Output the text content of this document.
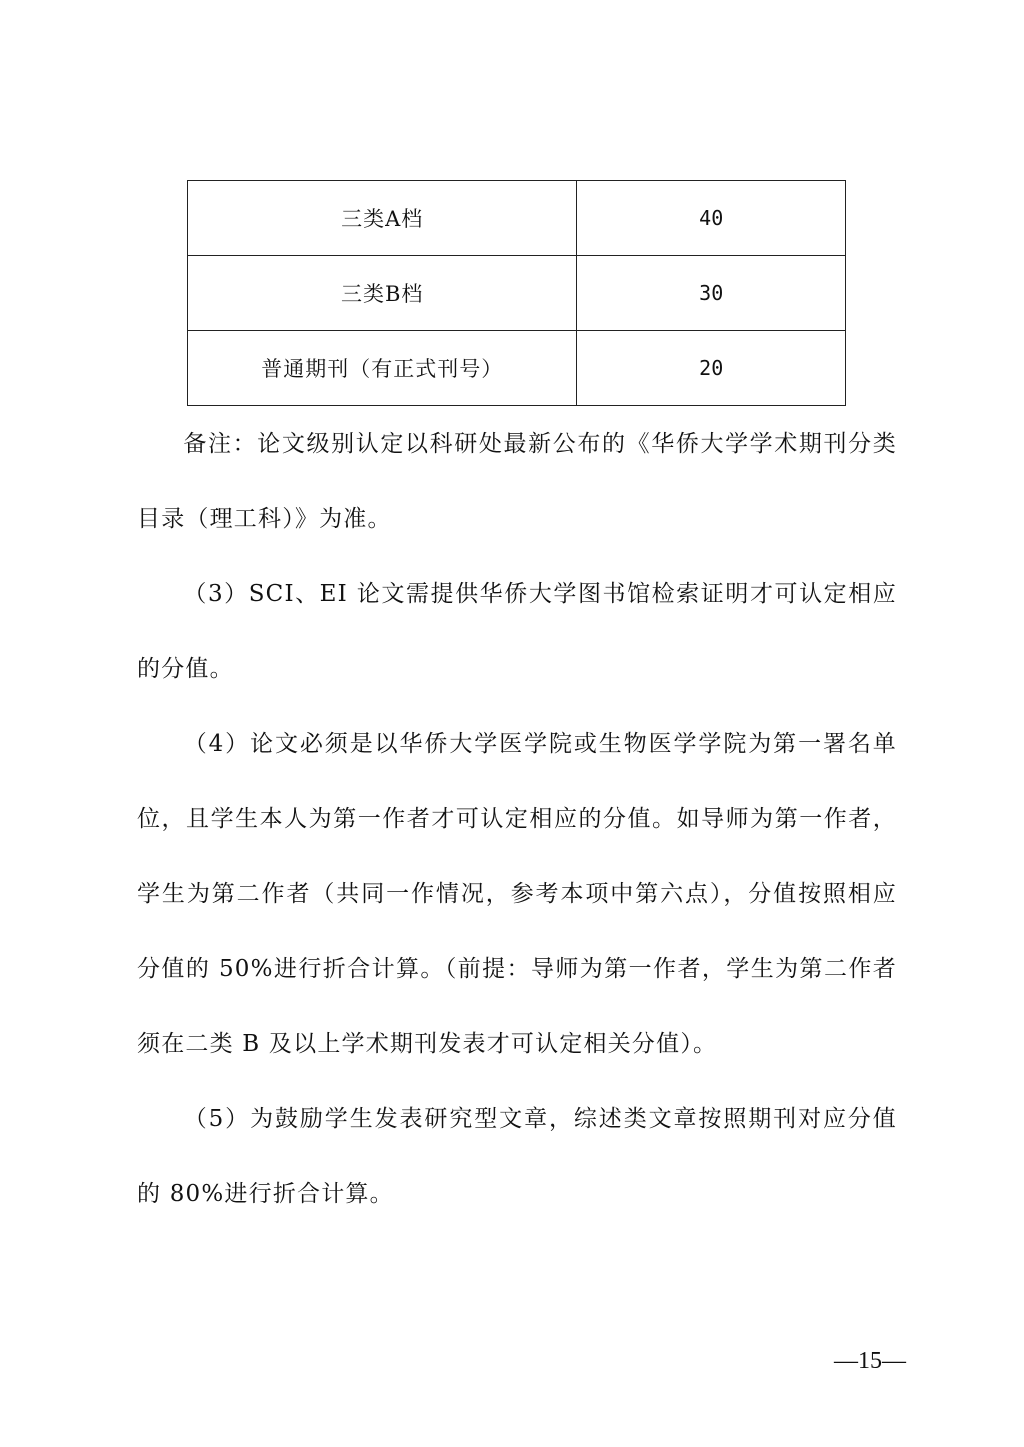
三类A档	40
三类B档	30
普通期刊（有正式刊号）	20

备注：论文级别认定以科研处最新公布的《华侨大学学术期刊分类目录（理工科）》为准。

（3）SCI、EI 论文需提供华侨大学图书馆检索证明才可认定相应的分值。

（4）论文必须是以华侨大学医学院或生物医学学院为第一署名单位，且学生本人为第一作者才可认定相应的分值。如导师为第一作者，学生为第二作者（共同一作情况，参考本项中第六点），分值按照相应分值的 50%进行折合计算。（前提：导师为第一作者，学生为第二作者须在二类 B 及以上学术期刊发表才可认定相关分值）。

（5）为鼓励学生发表研究型文章，综述类文章按照期刊对应分值的 80%进行折合计算。

—15—
